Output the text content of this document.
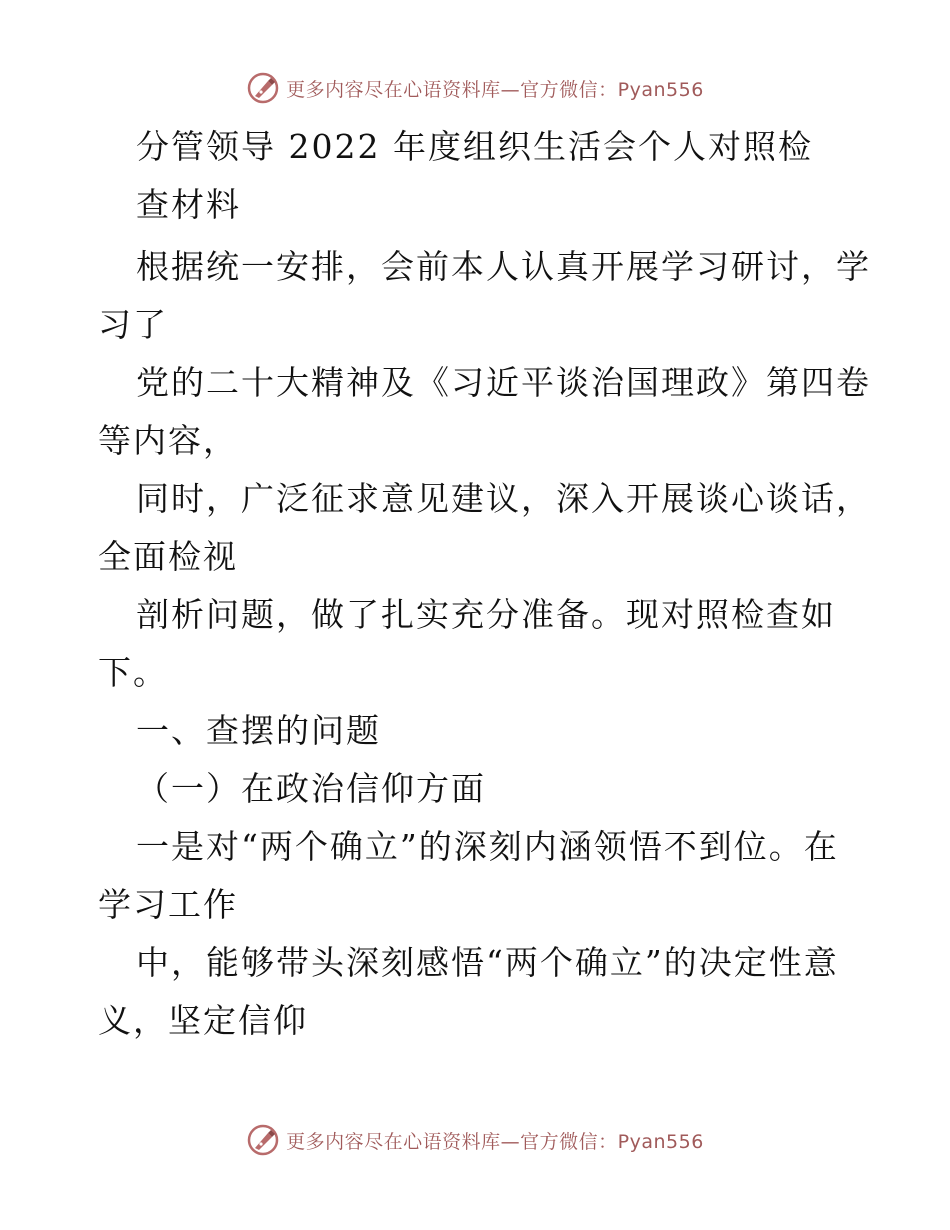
更多内容尽在心语资料库—官方微信：Pyan556
分管领导 2022 年度组织生活会个人对照检
查材料
根据统一安排，会前本人认真开展学习研讨，学
习了
党的二十大精神及《习近平谈治国理政》第四卷
等内容，
同时，广泛征求意见建议，深入开展谈心谈话，
全面检视
剖析问题，做了扎实充分准备。现对照检查如
下。
一、查摆的问题
（一）在政治信仰方面
一是对“两个确立”的深刻内涵领悟不到位。在
学习工作
中，能够带头深刻感悟“两个确立”的决定性意
义，坚定信仰
更多内容尽在心语资料库—官方微信：Pyan556
